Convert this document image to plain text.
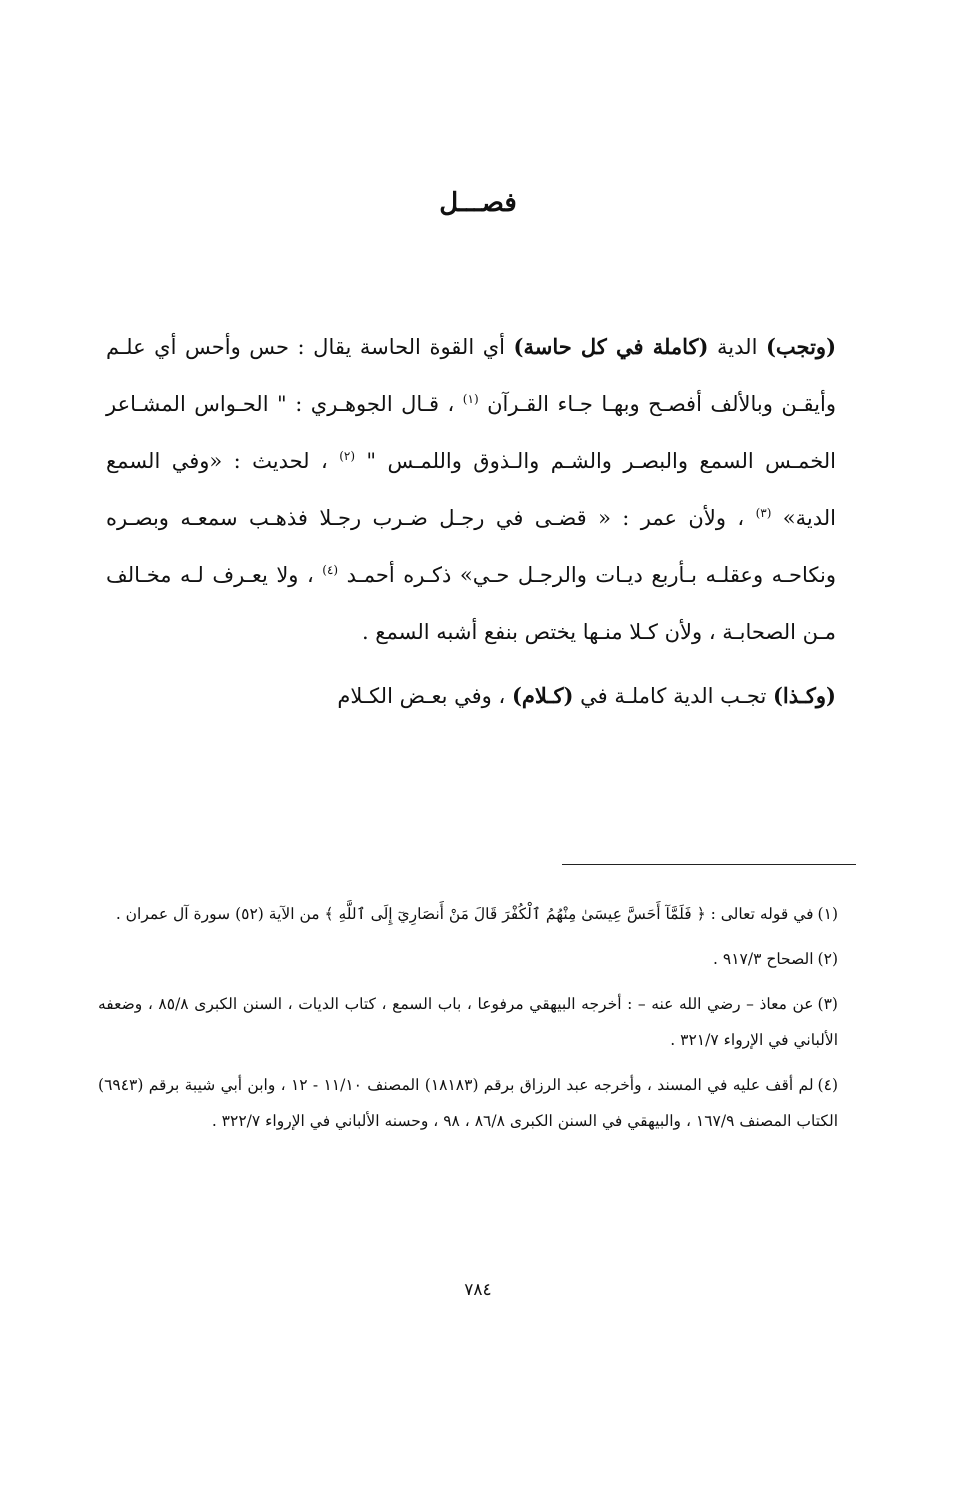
فصـــل

(وتجب) الدية (كاملة في كل حاسة) أي القوة الحاسة يقال : حس وأحس أي علـم وأيقـن وبالألف أفصـح وبهـا جـاء القـرآن $^{(١)}$ ، قـال الجوهـري : " الحـواس المشـاعر الخمـس السمع والبصـر والشـم والـذوق واللمـس " $^{(٢)}$ ، لحديث : «وفي السمع الدية» $^{(٣)}$ ، ولأن عمر : « قضـى في رجـل ضـرب رجـلا فذهـب سمعـه وبصـره ونكاحـه وعقلـه بـأربع ديـات والرجـل حـي» ذكـره أحمـد $^{(٤)}$ ، ولا يعـرف لـه مخـالف مـن الصحابـة ، ولأن كـلا منـها يختص بنفع أشبه السمع .

(وكـذا) تجـب الدية كاملـة في (كـلام) ، وفي بعـض الكـلام

(١)في قوله تعالى : ﴿ فَلَمَّآ أَحَسَّ عِيسَىٰ مِنْهُمُ ٱلْكُفْرَ قَالَ مَنْ أَنصَارِيٓ إِلَى ٱللَّهِ ﴾ من الآية (٥٢) سورة آل عمران .

(٢)الصحاح ٩١٧/٣ .

(٣)عن معاذ – رضي الله عنه – : أخرجه البيهقي مرفوعا ، باب السمع ، كتاب الديات ، السنن الكبرى ٨٥/٨ ، وضعفه الألباني في الإرواء ٣٢١/٧ .

(٤)لم أقف عليه في المسند ، وأخرجه عبد الرزاق برقم (١٨١٨٣) المصنف ١١/١٠ - ١٢ ، وابن أبي شيبة برقم (٦٩٤٣) الكتاب المصنف ١٦٧/٩ ، والبيهقي في السنن الكبرى ٨٦/٨ ، ٩٨ ، وحسنه الألباني في الإرواء ٣٢٢/٧ .

٧٨٤
